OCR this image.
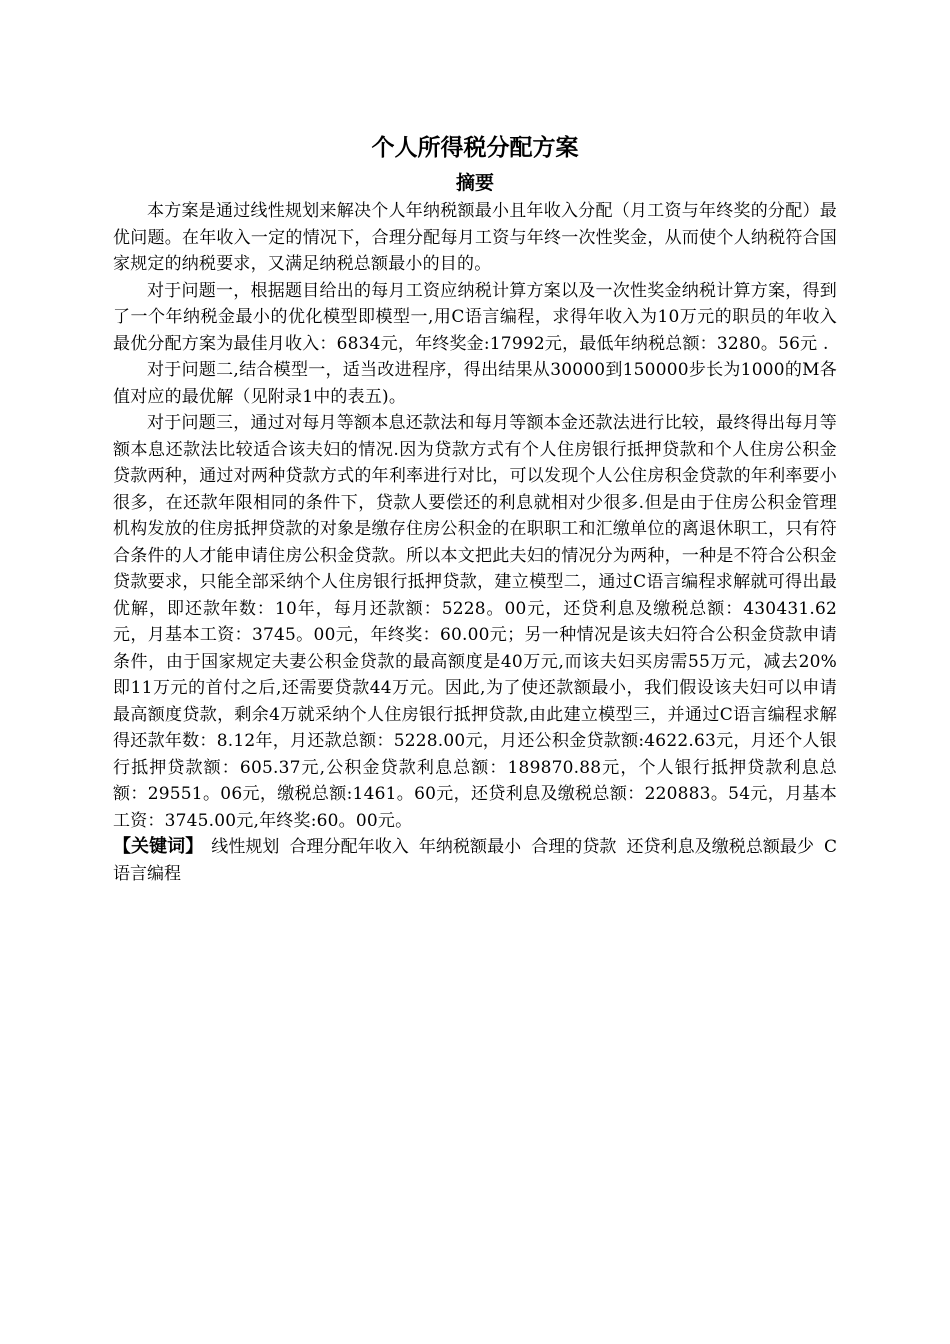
个人所得税分配方案
摘要

本方案是通过线性规划来解决个人年纳税额最小且年收入分配（月工资与年终奖的分配）最优问题。在年收入一定的情况下，合理分配每月工资与年终一次性奖金，从而使个人纳税符合国家规定的纳税要求，又满足纳税总额最小的目的。

对于问题一，根据题目给出的每月工资应纳税计算方案以及一次性奖金纳税计算方案，得到了一个年纳税金最小的优化模型即模型一,用C语言编程，求得年收入为10万元的职员的年收入最优分配方案为最佳月收入：6834元，年终奖金:17992元，最低年纳税总额：3280。56元 .

对于问题二,结合模型一，适当改进程序，得出结果从30000到150000步长为1000的M各值对应的最优解（见附录1中的表五)。

对于问题三，通过对每月等额本息还款法和每月等额本金还款法进行比较，最终得出每月等额本息还款法比较适合该夫妇的情况.因为贷款方式有个人住房银行抵押贷款和个人住房公积金贷款两种，通过对两种贷款方式的年利率进行对比，可以发现个人公住房积金贷款的年利率要小很多，在还款年限相同的条件下，贷款人要偿还的利息就相对少很多.但是由于住房公积金管理机构发放的住房抵押贷款的对象是缴存住房公积金的在职职工和汇缴单位的离退休职工，只有符合条件的人才能申请住房公积金贷款。所以本文把此夫妇的情况分为两种，一种是不符合公积金贷款要求，只能全部采纳个人住房银行抵押贷款，建立模型二，通过C语言编程求解就可得出最优解，即还款年数：10年，每月还款额：5228。00元，还贷利息及缴税总额：430431.62元，月基本工资：3745。00元，年终奖：60.00元；另一种情况是该夫妇符合公积金贷款申请条件，由于国家规定夫妻公积金贷款的最高额度是40万元,而该夫妇买房需55万元，减去20%即11万元的首付之后,还需要贷款44万元。因此,为了使还款额最小，我们假设该夫妇可以申请最高额度贷款，剩余4万就采纳个人住房银行抵押贷款,由此建立模型三，并通过C语言编程求解得还款年数：8.12年，月还款总额：5228.00元，月还公积金贷款额:4622.63元，月还个人银行抵押贷款额：605.37元,公积金贷款利息总额：189870.88元，个人银行抵押贷款利息总额：29551。06元，缴税总额:1461。60元，还贷利息及缴税总额：220883。54元，月基本工资：3745.00元,年终奖:60。00元。

【关键词】 线性规划 合理分配年收入 年纳税额最小 合理的贷款 还贷利息及缴税总额最少 C语言编程
